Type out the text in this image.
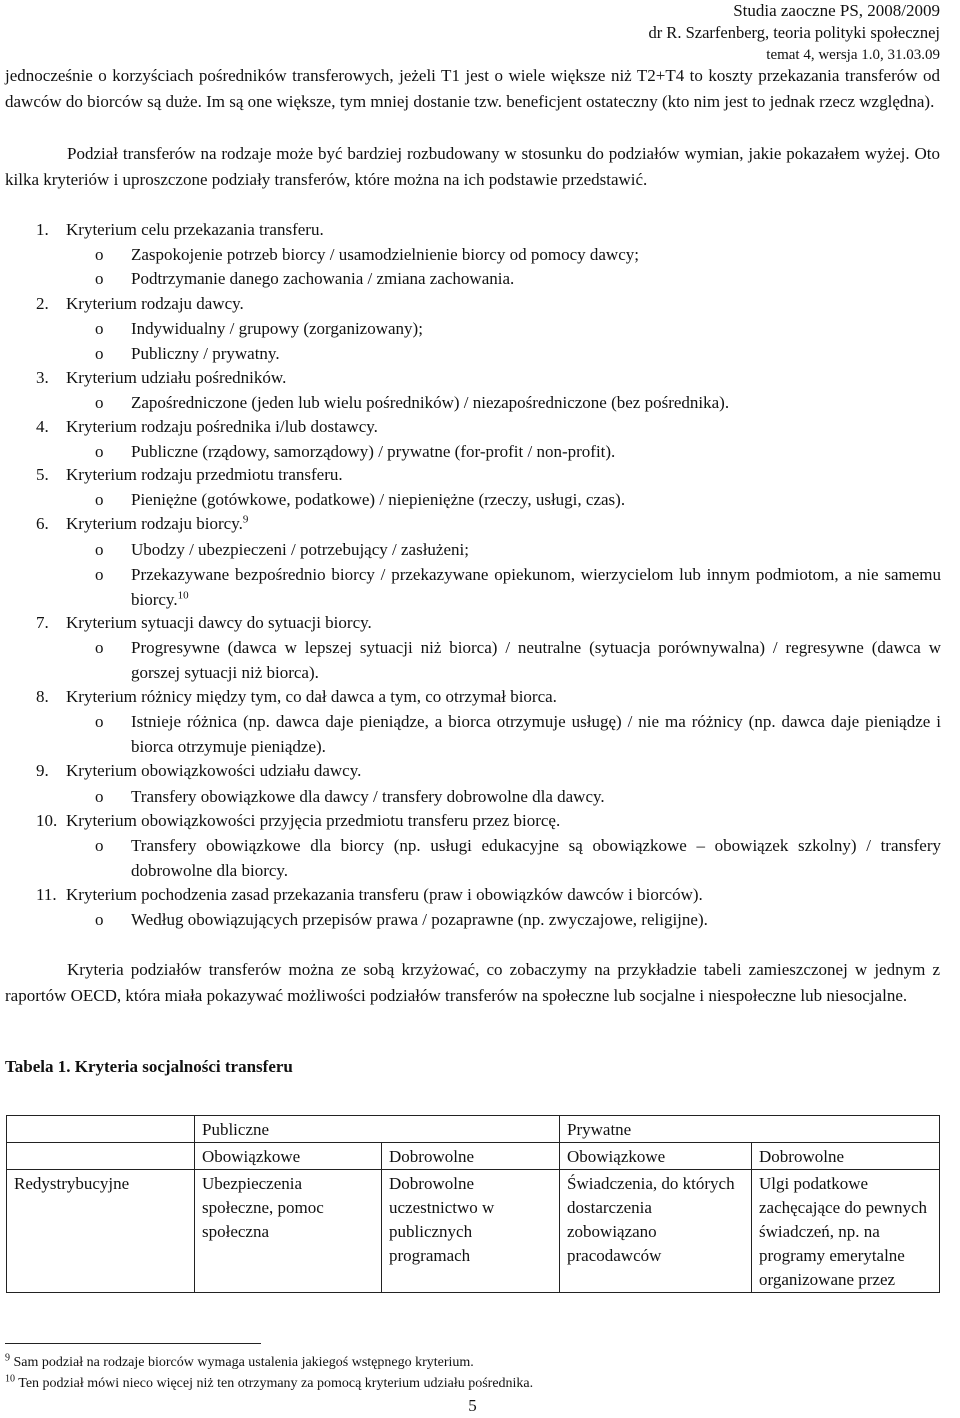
Studia zaoczne PS, 2008/2009
dr R. Szarfenberg, teoria polityki społecznej
temat 4, wersja 1.0, 31.03.09
jednocześnie o korzyściach pośredników transferowych, jeżeli T1 jest o wiele większe niż T2+T4 to koszty przekazania transferów od dawców do biorców są duże. Im są one większe, tym mniej dostanie tzw. beneficjent ostateczny (kto nim jest to jednak rzecz względna).
Podział transferów na rodzaje może być bardziej rozbudowany w stosunku do podziałów wymian, jakie pokazałem wyżej. Oto kilka kryteriów i uproszczone podziały transferów, które można na ich podstawie przedstawić.
1. Kryterium celu przekazania transferu.
o Zaspokojenie potrzeb biorcy / usamodzielnienie biorcy od pomocy dawcy;
o Podtrzymanie danego zachowania / zmiana zachowania.
2. Kryterium rodzaju dawcy.
o Indywidualny / grupowy (zorganizowany);
o Publiczny / prywatny.
3. Kryterium udziału pośredników.
o Zapośredniczone (jeden lub wielu pośredników) / niezapośredniczone (bez pośrednika).
4. Kryterium rodzaju pośrednika i/lub dostawcy.
o Publiczne (rządowy, samorządowy) / prywatne (for-profit / non-profit).
5. Kryterium rodzaju przedmiotu transferu.
o Pieniężne (gotówkowe, podatkowe) / niepieniężne (rzeczy, usługi, czas).
6. Kryterium rodzaju biorcy.$^9$
o Ubodzy / ubezpieczeni / potrzebujący / zasłużeni;
o Przekazywane bezpośrednio biorcy / przekazywane opiekunom, wierzycielom lub innym podmiotom, a nie samemu biorcy.$^{10}$
7. Kryterium sytuacji dawcy do sytuacji biorcy.
o Progresywne (dawca w lepszej sytuacji niż biorca) / neutralne (sytuacja porównywalna) / regresywne (dawca w gorszej sytuacji niż biorca).
8. Kryterium różnicy między tym, co dał dawca a tym, co otrzymał biorca.
o Istnieje różnica (np. dawca daje pieniądze, a biorca otrzymuje usługę) / nie ma różnicy (np. dawca daje pieniądze i biorca otrzymuje pieniądze).
9. Kryterium obowiązkowości udziału dawcy.
o Transfery obowiązkowe dla dawcy / transfery dobrowolne dla dawcy.
10. Kryterium obowiązkowości przyjęcia przedmiotu transferu przez biorcę.
o Transfery obowiązkowe dla biorcy (np. usługi edukacyjne są obowiązkowe – obowiązek szkolny) / transfery dobrowolne dla biorcy.
11. Kryterium pochodzenia zasad przekazania transferu (praw i obowiązków dawców i biorców).
o Według obowiązujących przepisów prawa / pozaprawne (np. zwyczajowe, religijne).
Kryteria podziałów transferów można ze sobą krzyżować, co zobaczymy na przykładzie tabeli zamieszczonej w jednym z raportów OECD, która miała pokazywać możliwości podziałów transferów na społeczne lub socjalne i niespołeczne lub niesocjalne.
Tabela 1. Kryteria socjalności transferu
	Publiczne		Prywatne	
	Obowiązkowe	Dobrowolne	Obowiązkowe	Dobrowolne
Redystrybucyjne	Ubezpieczenia społeczne, pomoc społeczna	Dobrowolne uczestnictwo w publicznych programach	Świadczenia, do których dostarczenia zobowiązano pracodawców	Ulgi podatkowe zachęcające do pewnych świadczeń, np. na programy emerytalne organizowane przez
$^9$ Sam podział na rodzaje biorców wymaga ustalenia jakiegoś wstępnego kryterium.
$^{10}$ Ten podział mówi nieco więcej niż ten otrzymany za pomocą kryterium udziału pośrednika.
5
